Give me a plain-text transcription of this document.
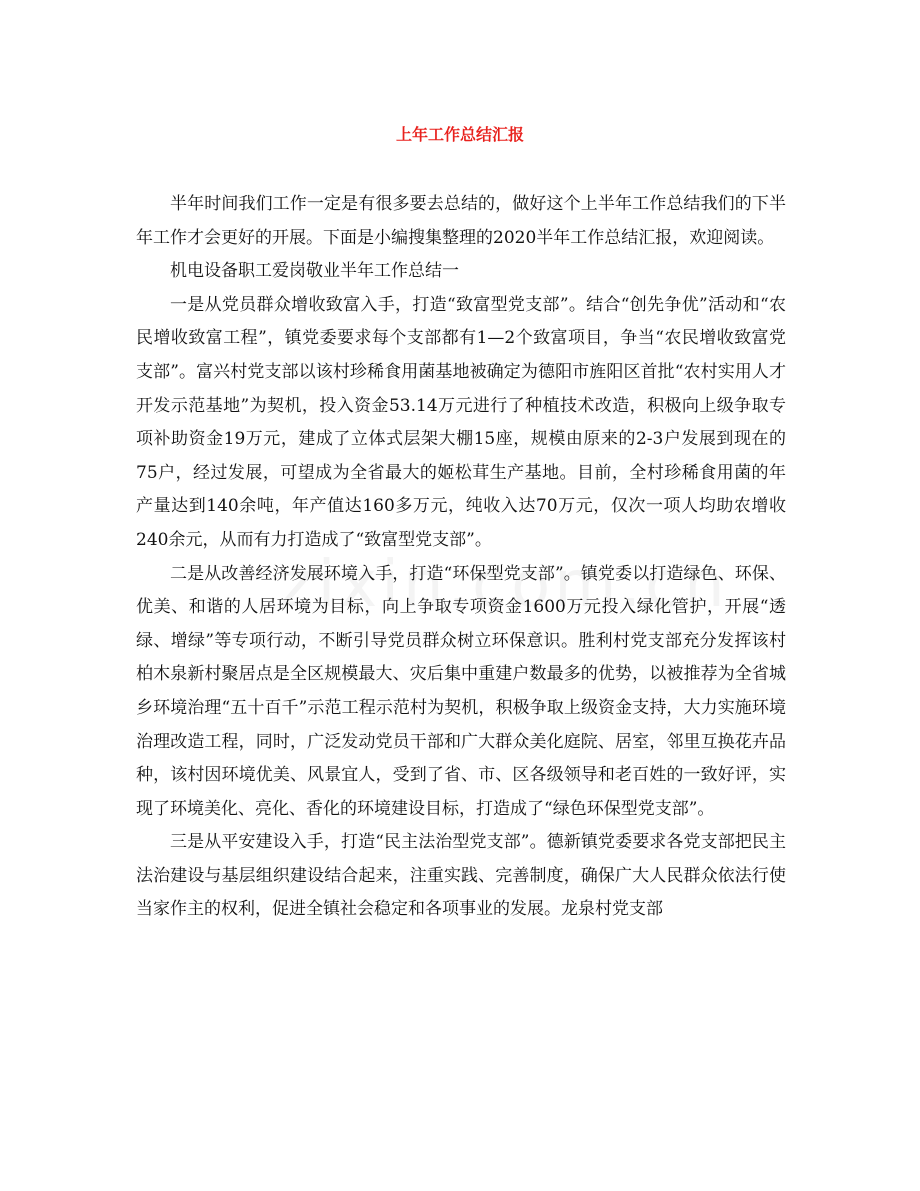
上年工作总结汇报

半年时间我们工作一定是有很多要去总结的，做好这个上半年工作总结我们的下半年工作才会更好的开展。下面是小编搜集整理的2020半年工作总结汇报，欢迎阅读。

机电设备职工爱岗敬业半年工作总结一

一是从党员群众增收致富入手，打造“致富型党支部”。结合“创先争优”活动和“农民增收致富工程”，镇党委要求每个支部都有1—2个致富项目，争当“农民增收致富党支部”。富兴村党支部以该村珍稀食用菌基地被确定为德阳市旌阳区首批“农村实用人才开发示范基地”为契机，投入资金53.14万元进行了种植技术改造，积极向上级争取专项补助资金19万元，建成了立体式层架大棚15座，规模由原来的2-3户发展到现在的75户，经过发展，可望成为全省最大的姬松茸生产基地。目前，全村珍稀食用菌的年产量达到140余吨，年产值达160多万元，纯收入达70万元，仅次一项人均助农增收240余元，从而有力打造成了“致富型党支部”。

二是从改善经济发展环境入手，打造“环保型党支部”。镇党委以打造绿色、环保、优美、和谐的人居环境为目标，向上争取专项资金1600万元投入绿化管护，开展“透绿、增绿”等专项行动，不断引导党员群众树立环保意识。胜利村党支部充分发挥该村柏木泉新村聚居点是全区规模最大、灾后集中重建户数最多的优势，以被推荐为全省城乡环境治理“五十百千”示范工程示范村为契机，积极争取上级资金支持，大力实施环境治理改造工程，同时，广泛发动党员干部和广大群众美化庭院、居室，邻里互换花卉品种，该村因环境优美、风景宜人，受到了省、市、区各级领导和老百姓的一致好评，实现了环境美化、亮化、香化的环境建设目标，打造成了“绿色环保型党支部”。

三是从平安建设入手，打造“民主法治型党支部”。德新镇党委要求各党支部把民主法治建设与基层组织建设结合起来，注重实践、完善制度，确保广大人民群众依法行使当家作主的权利，促进全镇社会稳定和各项事业的发展。龙泉村党支部
